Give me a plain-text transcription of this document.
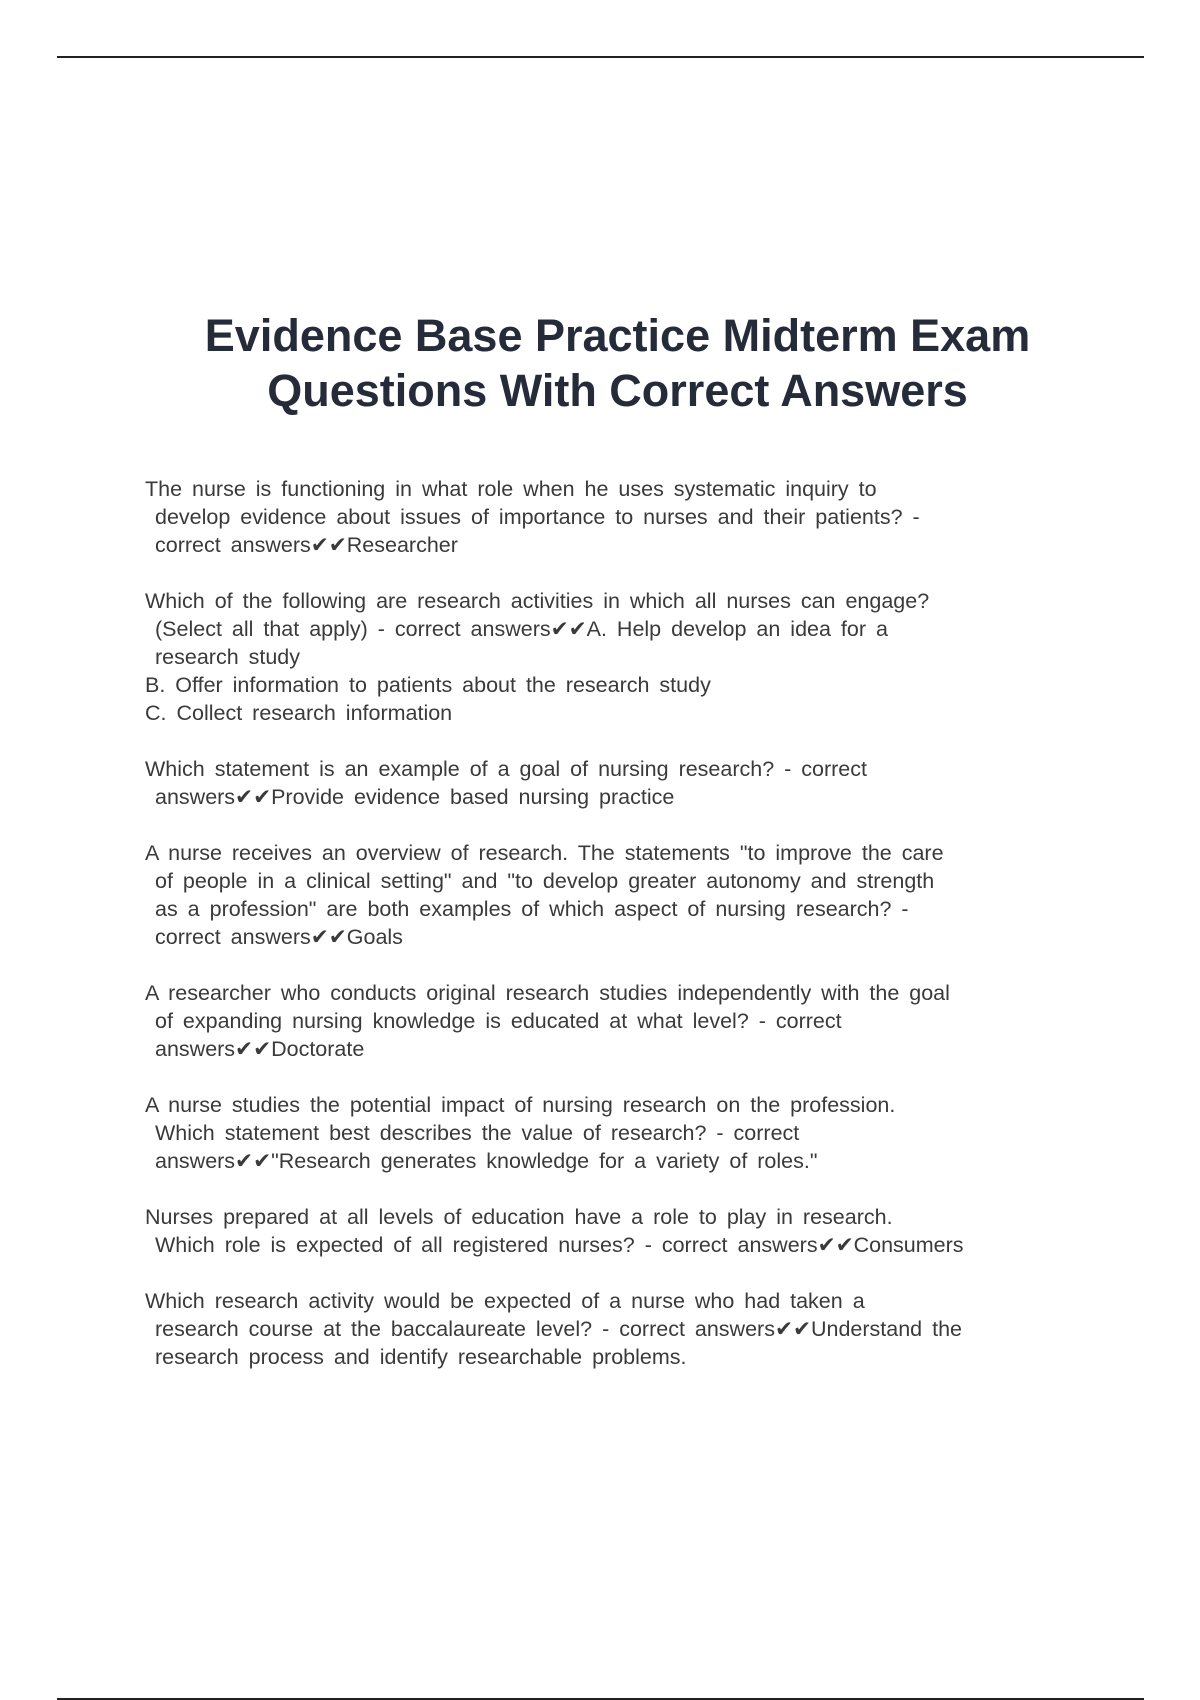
Evidence Base Practice Midterm Exam
Questions With Correct Answers
The nurse is functioning in what role when he uses systematic inquiry to
develop evidence about issues of importance to nurses and their patients? -
correct answers✔✔Researcher
Which of the following are research activities in which all nurses can engage?
(Select all that apply) - correct answers✔✔A. Help develop an idea for a
research study
B. Offer information to patients about the research study
C. Collect research information
Which statement is an example of a goal of nursing research? - correct
answers✔✔Provide evidence based nursing practice
A nurse receives an overview of research. The statements "to improve the care
of people in a clinical setting" and "to develop greater autonomy and strength
as a profession" are both examples of which aspect of nursing research? -
correct answers✔✔Goals
A researcher who conducts original research studies independently with the goal
of expanding nursing knowledge is educated at what level? - correct
answers✔✔Doctorate
A nurse studies the potential impact of nursing research on the profession.
Which statement best describes the value of research? - correct
answers✔✔"Research generates knowledge for a variety of roles."
Nurses prepared at all levels of education have a role to play in research.
Which role is expected of all registered nurses? - correct answers✔✔Consumers
Which research activity would be expected of a nurse who had taken a
research course at the baccalaureate level? - correct answers✔✔Understand the
research process and identify researchable problems.
